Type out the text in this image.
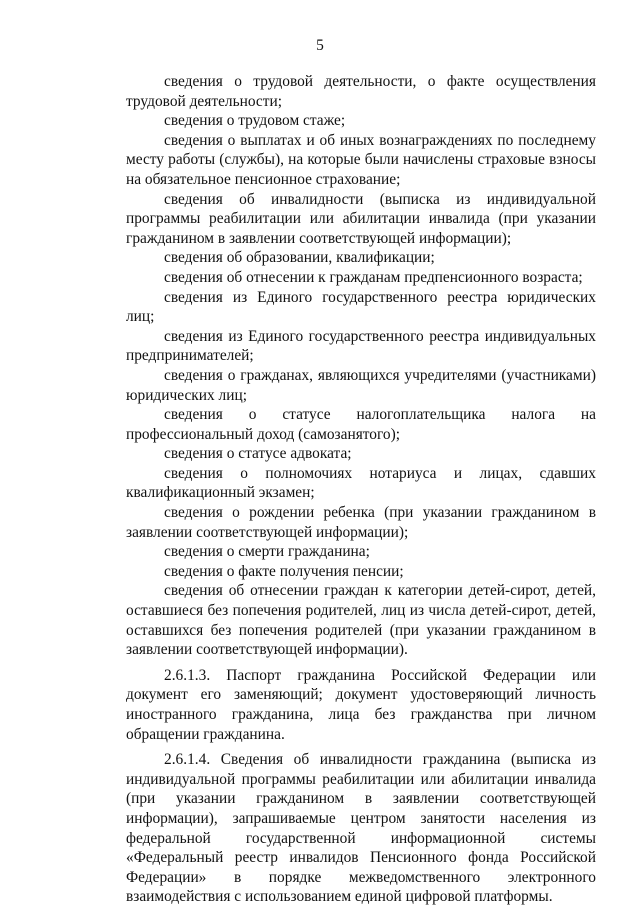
5

сведения о трудовой деятельности, о факте осуществления трудовой деятельности;

сведения о трудовом стаже;

сведения о выплатах и об иных вознаграждениях по последнему месту работы (службы), на которые были начислены страховые взносы на обязательное пенсионное страхование;

сведения об инвалидности (выписка из индивидуальной программы реабилитации или абилитации инвалида (при указании гражданином в заявлении соответствующей информации);

сведения об образовании, квалификации;

сведения об отнесении к гражданам предпенсионного возраста;

сведения из Единого государственного реестра юридических лиц;

сведения из Единого государственного реестра индивидуальных предпринимателей;

сведения о гражданах, являющихся учредителями (участниками) юридических лиц;

сведения о статусе налогоплательщика налога на профессиональный доход (самозанятого);

сведения о статусе адвоката;

сведения о полномочиях нотариуса и лицах, сдавших квалификационный экзамен;

сведения о рождении ребенка (при указании гражданином в заявлении соответствующей информации);

сведения о смерти гражданина;

сведения о факте получения пенсии;

сведения об отнесении граждан к категории детей-сирот, детей, оставшиеся без попечения родителей, лиц из числа детей-сирот, детей, оставшихся без попечения родителей (при указании гражданином в заявлении соответствующей информации).

2.6.1.3. Паспорт гражданина Российской Федерации или документ его заменяющий; документ удостоверяющий личность иностранного гражданина, лица без гражданства при личном обращении гражданина.

2.6.1.4. Сведения об инвалидности гражданина (выписка из индивидуальной программы реабилитации или абилитации инвалида (при указании гражданином в заявлении соответствующей информации), запрашиваемые центром занятости населения из федеральной государственной информационной системы «Федеральный реестр инвалидов Пенсионного фонда Российской Федерации» в порядке межведомственного электронного взаимодействия с использованием единой цифровой платформы.
